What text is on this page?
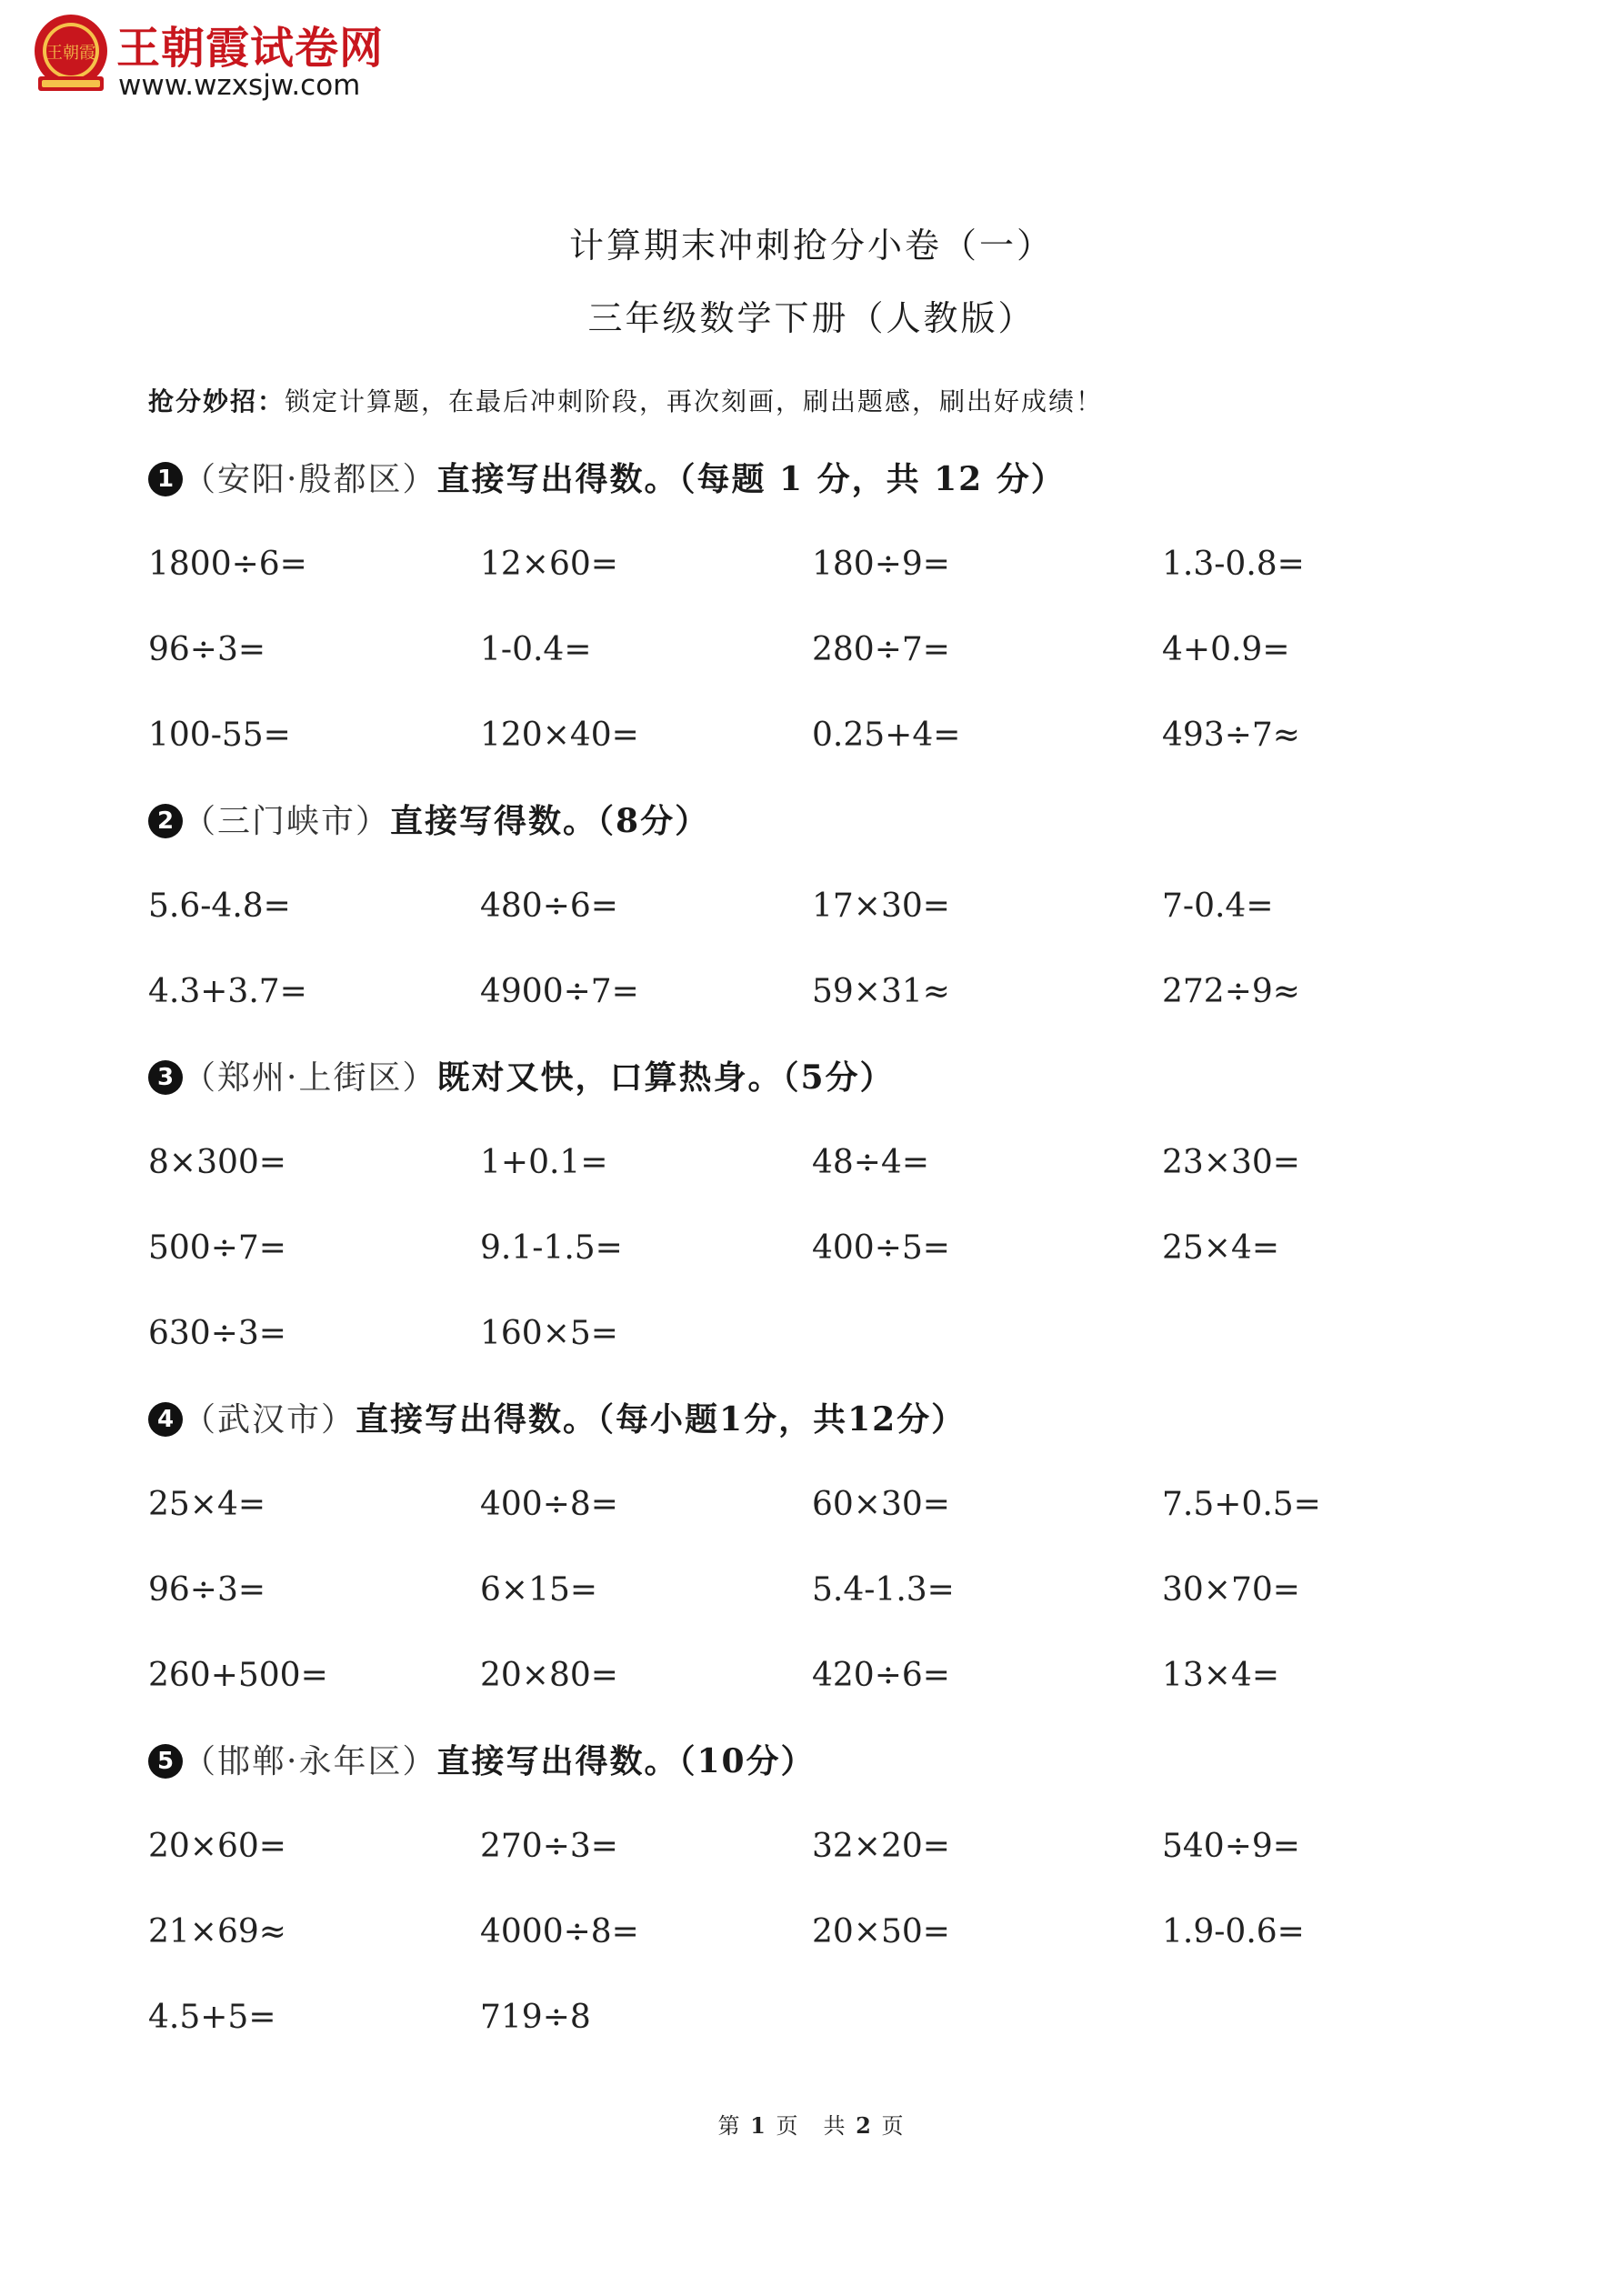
王朝霞 王朝霞试卷网
www.wzxsjw.com
计算期末冲刺抢分小卷（一）
三年级数学下册（人教版）
抢分妙招：锁定计算题，在最后冲刺阶段，再次刻画，刷出题感，刷出好成绩！
1 （安阳·殷都区）直接写出得数。（每题 1 分，共 12 分）
1800÷6=	12×60=	180÷9=	1.3-0.8=
96÷3=	1-0.4=	280÷7=	4+0.9=
100-55=	120×40=	0.25+4=	493÷7≈
2 （三门峡市）直接写得数。（8分）
5.6-4.8=	480÷6=	17×30=	7-0.4=
4.3+3.7=	4900÷7=	59×31≈	272÷9≈
3 （郑州·上街区）既对又快，口算热身。（5分）
8×300=	1+0.1=	48÷4=	23×30=
500÷7=	9.1-1.5=	400÷5=	25×4=
630÷3=	160×5=
4 （武汉市）直接写出得数。（每小题1分，共12分）
25×4=	400÷8=	60×30=	7.5+0.5=
96÷3=	6×15=	5.4-1.3=	30×70=
260+500=	20×80=	420÷6=	13×4=
5 （邯郸·永年区）直接写出得数。（10分）
20×60=	270÷3=	32×20=	540÷9=
21×69≈	4000÷8=	20×50=	1.9-0.6=
4.5+5=	719÷8
第 1 页　共 2 页
